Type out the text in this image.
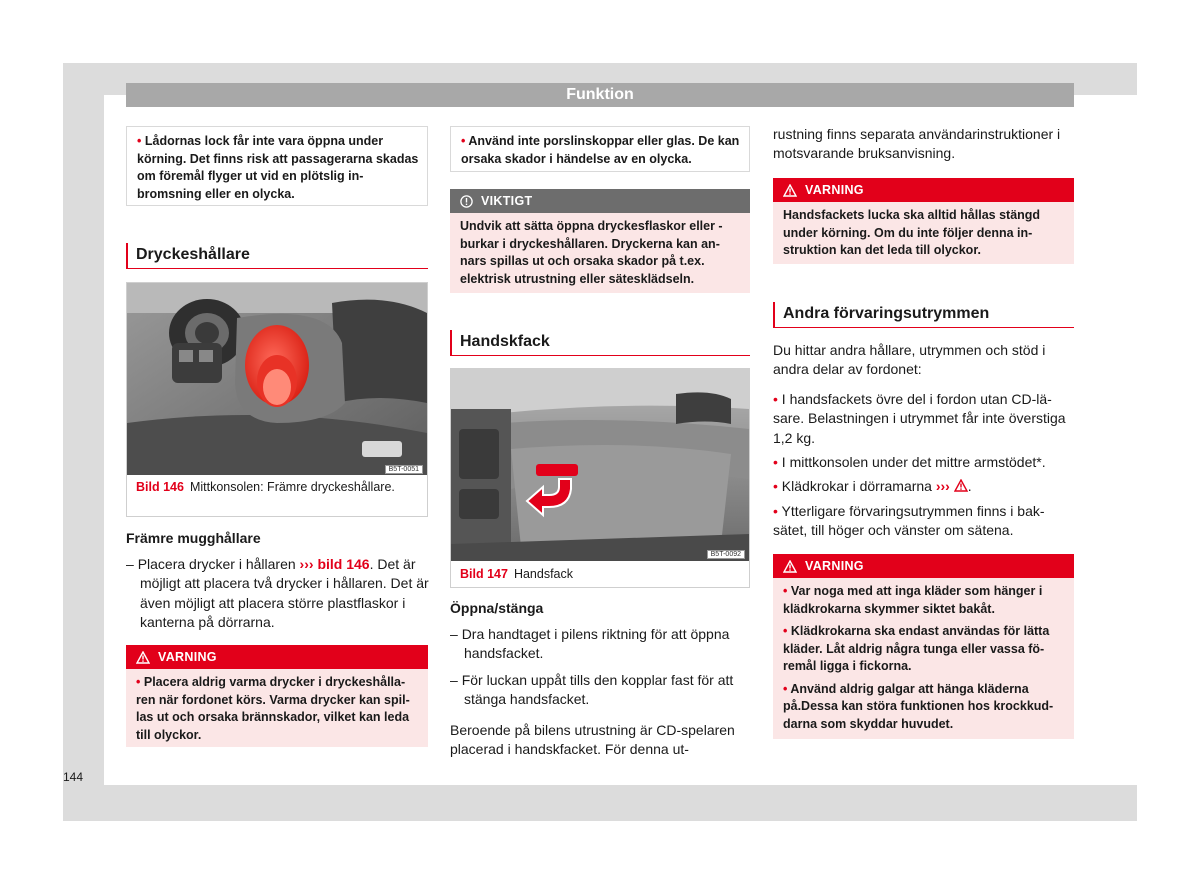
Funktion
• Lådornas lock får inte vara öppna under körning. Det finns risk att passagerarna skadas om föremål flyger ut vid en plötslig inbromsning eller en olycka.
Dryckeshållare
B5T-0051
Bild 146 Mittkonsolen: Främre dryckeshållare.
Främre mugghållare
– Placera drycker i hållaren ››› bild 146. Det är möjligt att placera två drycker i hållaren. Det är även möjligt att placera större plastflaskor i kanterna på dörrarna.
VARNING
• Placera aldrig varma drycker i dryckeshållaren när fordonet körs. Varma drycker kan spillas ut och orsaka brännskador, vilket kan leda till olyckor.
• Använd inte porslinskoppar eller glas. De kan orsaka skador i händelse av en olycka.
VIKTIGT
Undvik att sätta öppna dryckesflaskor eller -burkar i dryckeshållaren. Dryckerna kan annars spillas ut och orsaka skador på t.ex. elektrisk utrustning eller sätesklädseln.
Handskfack
B5T-0092
Bild 147 Handsfack
Öppna/stänga
– Dra handtaget i pilens riktning för att öppna handsfacket.
– För luckan uppåt tills den kopplar fast för att stänga handsfacket.
Beroende på bilens utrustning är CD-spelaren placerad i handskfacket. För denna ut-
rustning finns separata användarinstruktioner i motsvarande bruksanvisning.
VARNING
Handsfackets lucka ska alltid hållas stängd under körning. Om du inte följer denna instruktion kan det leda till olyckor.
Andra förvaringsutrymmen
Du hittar andra hållare, utrymmen och stöd i andra delar av fordonet:
• I handsfackets övre del i fordon utan CD-läsare. Belastningen i utrymmet får inte överstiga 1,2 kg.
• I mittkonsolen under det mittre armstödet*.
• Klädkrokar i dörramarna ››› .
• Ytterligare förvaringsutrymmen finns i baksätet, till höger och vänster om sätena.
VARNING

• Var noga med att inga kläder som hänger i klädkrokarna skymmer siktet bakåt.

• Klädkrokarna ska endast användas för lätta kläder. Låt aldrig några tunga eller vassa föremål ligga i fickorna.

• Använd aldrig galgar att hänga kläderna på.Dessa kan störa funktionen hos krockkuddarna som skyddar huvudet.

144
